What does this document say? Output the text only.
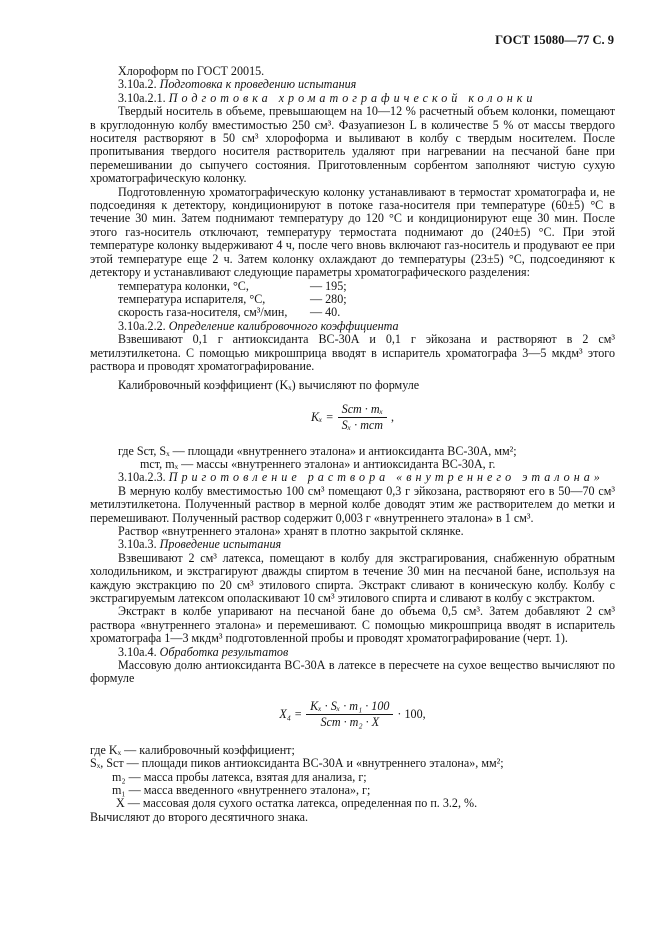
ГОСТ 15080—77 С. 9

Хлороформ по ГОСТ 20015.

3.10а.2. Подготовка к проведению испытания

3.10а.2.1. Подготовка хроматографической колонки

Твердый носитель в объеме, превышающем на 10—12 % расчетный объем колонки, помещают в круглодонную колбу вместимостью 250 см³. Фазуапиезон L в количестве 5 % от массы твердого носителя растворяют в 50 см³ хлороформа и выливают в колбу с твердым носителем. После пропитывания твердого носителя растворитель удаляют при нагревании на песчаной бане при перемешивании до сыпучего состояния. Приготовленным сорбентом заполняют чистую сухую хроматографическую колонку.

Подготовленную хроматографическую колонку устанавливают в термостат хроматографа и, не подсоединяя к детектору, кондиционируют в потоке газа-носителя при температуре (60±5) °С в течение 30 мин. Затем поднимают температуру до 120 °С и кондиционируют еще 30 мин. После этого газ-носитель отключают, температуру термостата поднимают до (240±5) °С. При этой температуре колонку выдерживают 4 ч, после чего вновь включают газ-носитель и продувают ее при этой температуре еще 2 ч. Затем колонку охлаждают до температуры (23±5) °С, подсоединяют к детектору и устанавливают следующие параметры хроматографического разделения:

температура колонки, °С,	— 195;
температура испарителя, °С,	— 280;
скорость газа-носителя, см³/мин,	— 40.

3.10а.2.2. Определение калибровочного коэффициента

Взвешивают 0,1 г антиоксиданта ВС-30А и 0,1 г эйкозана и растворяют в 2 см³ метилэтилкетона. С помощью микрошприца вводят в испаритель хроматографа 3—5 мкдм³ этого раствора и проводят хроматографирование.

Калибровочный коэффициент (Kₓ) вычисляют по формуле

$K_x = \frac{\text{Sст · mₓ}}{\text{Sₓ · mст}}$ ,

где Sст, Sₓ — площади «внутреннего эталона» и антиоксиданта ВС-30А, мм²;

mст, mₓ — массы «внутреннего эталона» и антиоксиданта ВС-30А, г.

3.10а.2.3. Приготовление раствора «внутреннего эталона»

В мерную колбу вместимостью 100 см³ помещают 0,3 г эйкозана, растворяют его в 50—70 см³ метилэтилкетона. Полученный раствор в мерной колбе доводят этим же растворителем до метки и перемешивают. Полученный раствор содержит 0,003 г «внутреннего эталона» в 1 см³.

Раствор «внутреннего эталона» хранят в плотно закрытой склянке.

3.10а.3. Проведение испытания

Взвешивают 2 см³ латекса, помещают в колбу для экстрагирования, снабженную обратным холодильником, и экстрагируют дважды спиртом в течение 30 мин на песчаной бане, используя на каждую экстракцию по 20 см³ этилового спирта. Экстракт сливают в коническую колбу. Колбу с экстрагируемым латексом ополаскивают 10 см³ этилового спирта и сливают в колбу с экстрактом.

Экстракт в колбе упаривают на песчаной бане до объема 0,5 см³. Затем добавляют 2 см³ раствора «внутреннего эталона» и перемешивают. С помощью микрошприца вводят в испаритель хроматографа 1—3 мкдм³ подготовленной пробы и проводят хроматографирование (черт. 1).

3.10а.4. Обработка результатов

Массовую долю антиоксиданта ВС-30А в латексе в пересчете на сухое вещество вычисляют по формуле

$X_4 = \frac{\text{Kₓ · Sₓ · m₁ · 100}}{\text{Sст · m₂ · X}} \cdot 100$,

где Kₓ — калибровочный коэффициент;

Sₓ, Sст — площади пиков антиоксиданта ВС-30А и «внутреннего эталона», мм²;

m₂ — масса пробы латекса, взятая для анализа, г;

m₁ — масса введенного «внутреннего эталона», г;

X — массовая доля сухого остатка латекса, определенная по п. 3.2, %.

Вычисляют до второго десятичного знака.
